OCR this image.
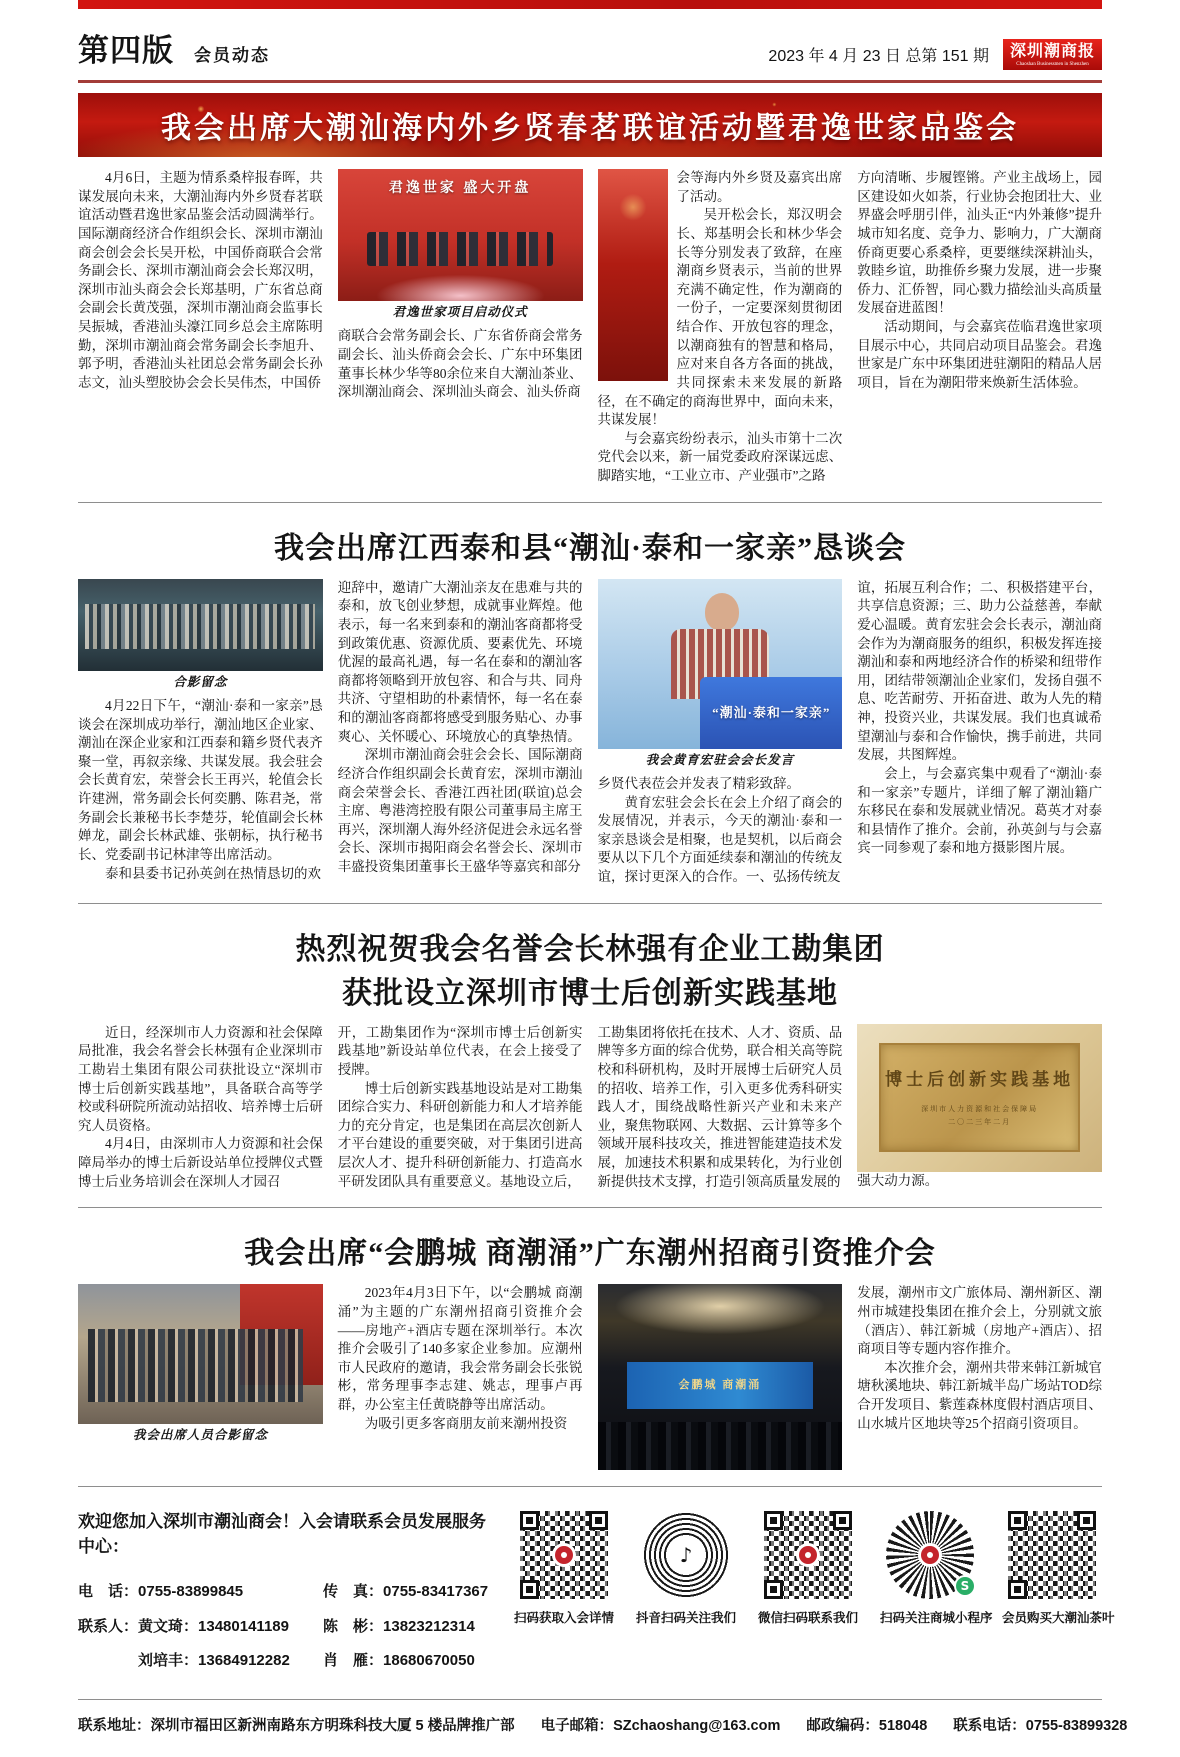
第四版 会员动态	2023 年 4 月 23 日 总第 151 期 深圳潮商报
Chaoshan Businessmen in Shenzhen
我会出席大潮汕海内外乡贤春茗联谊活动暨君逸世家品鉴会

4月6日，主题为情系桑梓报春晖，共谋发展向未来，大潮汕海内外乡贤春茗联谊活动暨君逸世家品鉴会活动圆满举行。国际潮商经济合作组织会长、深圳市潮汕商会创会会长吴开松，中国侨商联合会常务副会长、深圳市潮汕商会会长郑汉明，深圳市汕头商会会长郑基明，广东省总商会副会长黄茂强，深圳市潮汕商会监事长吴振城，香港汕头濠江同乡总会主席陈明勤，深圳市潮汕商会常务副会长李旭升、郭予明，香港汕头社团总会常务副会长孙志文，汕头塑胶协会会长吴伟杰，中国侨

君逸世家 盛大开盘
君逸世家项目启动仪式

商联合会常务副会长、广东省侨商会常务副会长、汕头侨商会会长、广东中环集团董事长林少华等80余位来自大潮汕茶业、深圳潮汕商会、深圳汕头商会、汕头侨商

会等海内外乡贤及嘉宾出席了活动。

吴开松会长，郑汉明会长、郑基明会长和林少华会长等分别发表了致辞，在座潮商乡贤表示，当前的世界充满不确定性，作为潮商的一份子，一定要深刻贯彻团结合作、开放包容的理念，以潮商独有的智慧和格局，应对来自各方各面的挑战，共同探索未来发展的新路径，在不确定的商海世界中，面向未来，共谋发展！

与会嘉宾纷纷表示，汕头市第十二次党代会以来，新一届党委政府深谋远虑、脚踏实地，“工业立市、产业强市”之路

方向清晰、步履铿锵。产业主战场上，园区建设如火如荼，行业协会抱团壮大、业界盛会呼朋引伴，汕头正“内外兼修”提升城市知名度、竞争力、影响力，广大潮商侨商更要心系桑梓，更要继续深耕汕头，敦睦乡谊，助推侨乡聚力发展，进一步聚侨力、汇侨智，同心戮力描绘汕头高质量发展奋进蓝图！

活动期间，与会嘉宾莅临君逸世家项目展示中心，共同启动项目品鉴会。君逸世家是广东中环集团进驻潮阳的精品人居项目，旨在为潮阳带来焕新生活体验。

我会出席江西泰和县“潮汕·泰和一家亲”恳谈会
合影留念

4月22日下午，“潮汕·泰和一家亲”恳谈会在深圳成功举行，潮汕地区企业家、潮汕在深企业家和江西泰和籍乡贤代表齐聚一堂，再叙亲缘、共谋发展。我会驻会会长黄育宏，荣誉会长王再兴，轮值会长许建洲，常务副会长何奕鹏、陈君尧，常务副会长兼秘书长李楚芬，轮值副会长林婵龙，副会长林武雄、张朝标，执行秘书长、党委副书记林津等出席活动。

泰和县委书记孙英剑在热情恳切的欢

迎辞中，邀请广大潮汕亲友在患难与共的泰和，放飞创业梦想，成就事业辉煌。他表示，每一名来到泰和的潮汕客商都将受到政策优惠、资源优质、要素优先、环境优渥的最高礼遇，每一名在泰和的潮汕客商都将领略到开放包容、和合与共、同舟共济、守望相助的朴素情怀，每一名在泰和的潮汕客商都将感受到服务贴心、办事爽心、关怀暖心、环境放心的真挚热情。

深圳市潮汕商会驻会会长、国际潮商经济合作组织副会长黄育宏，深圳市潮汕商会荣誉会长、香港江西社团(联谊)总会主席、粤港湾控股有限公司董事局主席王再兴，深圳潮人海外经济促进会永远名誉会长、深圳市揭阳商会名誉会长、深圳市丰盛投资集团董事长王盛华等嘉宾和部分

“潮汕·泰和一家亲”
我会黄育宏驻会会长发言

乡贤代表莅会并发表了精彩致辞。

黄育宏驻会会长在会上介绍了商会的发展情况，并表示，今天的潮汕·泰和一家亲恳谈会是相聚，也是契机，以后商会要从以下几个方面延续泰和潮汕的传统友谊，探讨更深入的合作。一、弘扬传统友

谊，拓展互利合作；二、积极搭建平台，共享信息资源；三、助力公益慈善，奉献爱心温暖。黄育宏驻会会长表示，潮汕商会作为为潮商服务的组织，积极发挥连接潮汕和泰和两地经济合作的桥梁和纽带作用，团结带领潮汕企业家们，发扬自强不息、吃苦耐劳、开拓奋进、敢为人先的精神，投资兴业，共谋发展。我们也真诚希望潮汕与泰和合作愉快，携手前进，共同发展，共图辉煌。

会上，与会嘉宾集中观看了“潮汕·泰和一家亲”专题片，详细了解了潮汕籍广东移民在泰和发展就业情况。葛英才对泰和县情作了推介。会前，孙英剑与与会嘉宾一同参观了泰和地方摄影图片展。

热烈祝贺我会名誉会长林强有企业工勘集团
获批设立深圳市博士后创新实践基地

近日，经深圳市人力资源和社会保障局批准，我会名誉会长林强有企业深圳市工勘岩土集团有限公司获批设立“深圳市博士后创新实践基地”，具备联合高等学校或科研院所流动站招收、培养博士后研究人员资格。

4月4日，由深圳市人力资源和社会保障局举办的博士后新设站单位授牌仪式暨博士后业务培训会在深圳人才园召

开，工勘集团作为“深圳市博士后创新实践基地”新设站单位代表，在会上接受了授牌。

博士后创新实践基地设站是对工勘集团综合实力、科研创新能力和人才培养能力的充分肯定，也是集团在高层次创新人才平台建设的重要突破，对于集团引进高层次人才、提升科研创新能力、打造高水平研发团队具有重要意义。基地设立后，

工勘集团将依托在技术、人才、资质、品牌等多方面的综合优势，联合相关高等院校和科研机构，及时开展博士后研究人员的招收、培养工作，引入更多优秀科研实践人才，围绕战略性新兴产业和未来产业，聚焦物联网、大数据、云计算等多个领域开展科技攻关，推进智能建造技术发展，加速技术积累和成果转化，为行业创新提供技术支撑，打造引领高质量发展的

博士后创新实践基地
深圳市人力资源和社会保障局
二〇二三年二月

强大动力源。

我会出席“会鹏城 商潮涌”广东潮州招商引资推介会
我会出席人员合影留念

2023年4月3日下午，以“会鹏城 商潮涌”为主题的广东潮州招商引资推介会——房地产+酒店专题在深圳举行。本次推介会吸引了140多家企业参加。应潮州市人民政府的邀请，我会常务副会长张锐彬，常务理事李志建、姚志，理事卢再群，办公室主任黄晓静等出席活动。

为吸引更多客商朋友前来潮州投资

会鹏城 商潮涌

发展，潮州市文广旅体局、潮州新区、潮州市城建投集团在推介会上，分别就文旅（酒店）、韩江新城（房地产+酒店）、招商项目等专题内容作推介。

本次推介会，潮州共带来韩江新城官塘秋溪地块、韩江新城半岛广场站TOD综合开发项目、紫莲森林度假村酒店项目、山水城片区地块等25个招商引资项目。

欢迎您加入深圳市潮汕商会！入会请联系会员发展服务中心：
电　话：0755-83899845	传　真：0755-83417367
联系人：黄文琦：13480141189	陈　彬：13823212314
刘培丰：13684912282	肖　雁：18680670050
扫码获取入会详情
♪
抖音扫码关注我们 微信扫码联系我们
S
扫码关注商城小程序 会员购买大潮汕茶叶
联系地址：深圳市福田区新洲南路东方明珠科技大厦 5 楼品牌推广部 电子邮箱：SZchaoshang@163.com 邮政编码：518048 联系电话：0755-83899328
